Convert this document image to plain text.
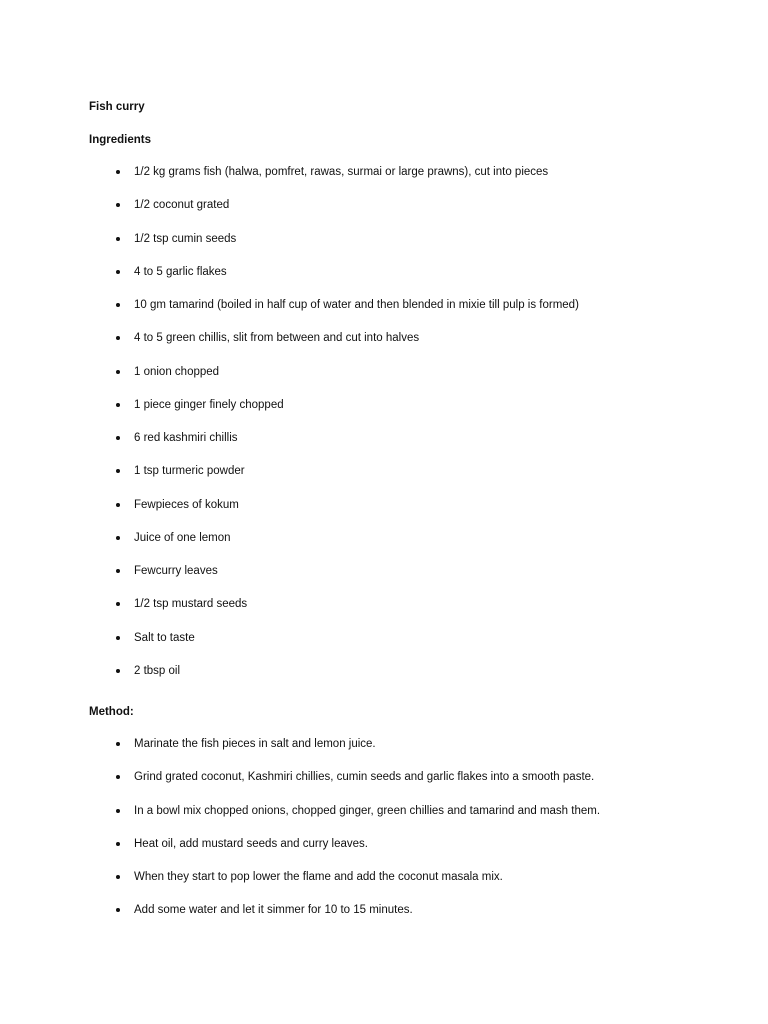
Fish curry
Ingredients
1/2 kg grams fish (halwa, pomfret, rawas, surmai or large prawns), cut into pieces
1/2 coconut grated
1/2 tsp cumin seeds
4 to 5 garlic flakes
10 gm tamarind (boiled in half cup of water and then blended in mixie till pulp is formed)
4 to 5 green chillis, slit from between and cut into halves
1 onion chopped
1 piece ginger finely chopped
6 red kashmiri chillis
1 tsp turmeric powder
Fewpieces of kokum
Juice of one lemon
Fewcurry leaves
1/2 tsp mustard seeds
Salt to taste
2 tbsp oil
Method:
Marinate the fish pieces in salt and lemon juice.
Grind grated coconut, Kashmiri chillies, cumin seeds and garlic flakes into a smooth paste.
In a bowl mix chopped onions, chopped ginger, green chillies and tamarind and mash them.
Heat oil, add mustard seeds and curry leaves.
When they start to pop lower the flame and add the coconut masala mix.
Add some water and let it simmer for 10 to 15 minutes.
